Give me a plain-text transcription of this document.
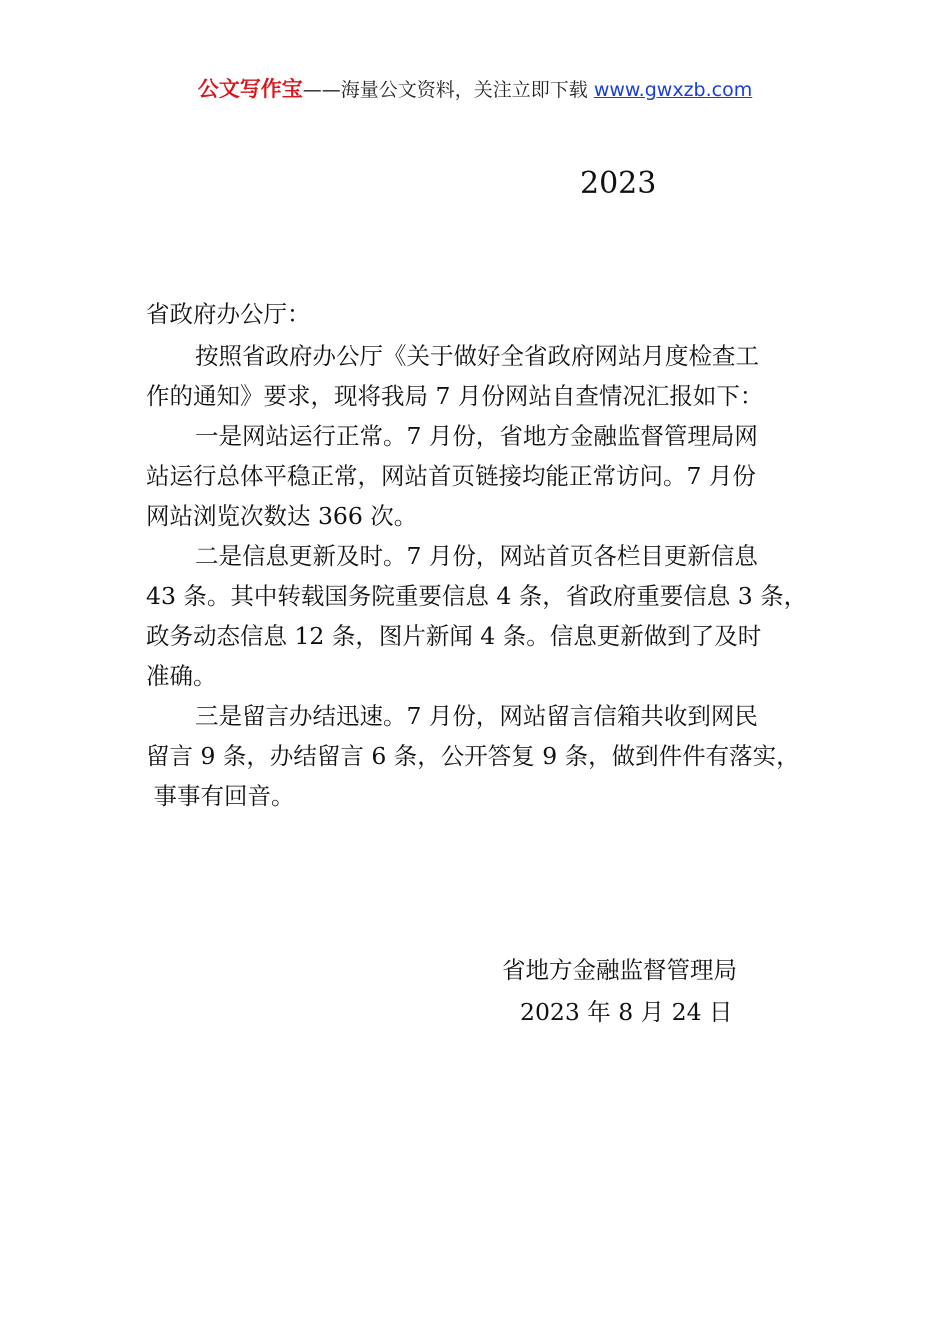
公文写作宝——海量公文资料，关注立即下载 www.gwxzb.com
2023
省政府办公厅：
按照省政府办公厅《关于做好全省政府网站月度检查工
作的通知》要求，现将我局 7 月份网站自查情况汇报如下：
一是网站运行正常。7 月份，省地方金融监督管理局网
站运行总体平稳正常，网站首页链接均能正常访问。7 月份
网站浏览次数达 366 次。
二是信息更新及时。7 月份，网站首页各栏目更新信息
43 条。其中转载国务院重要信息 4 条，省政府重要信息 3 条，
政务动态信息 12 条，图片新闻 4 条。信息更新做到了及时
准确。
三是留言办结迅速。7 月份，网站留言信箱共收到网民
留言 9 条，办结留言 6 条，公开答复 9 条，做到件件有落实，
事事有回音。
省地方金融监督管理局
2023 年 8 月 24 日
